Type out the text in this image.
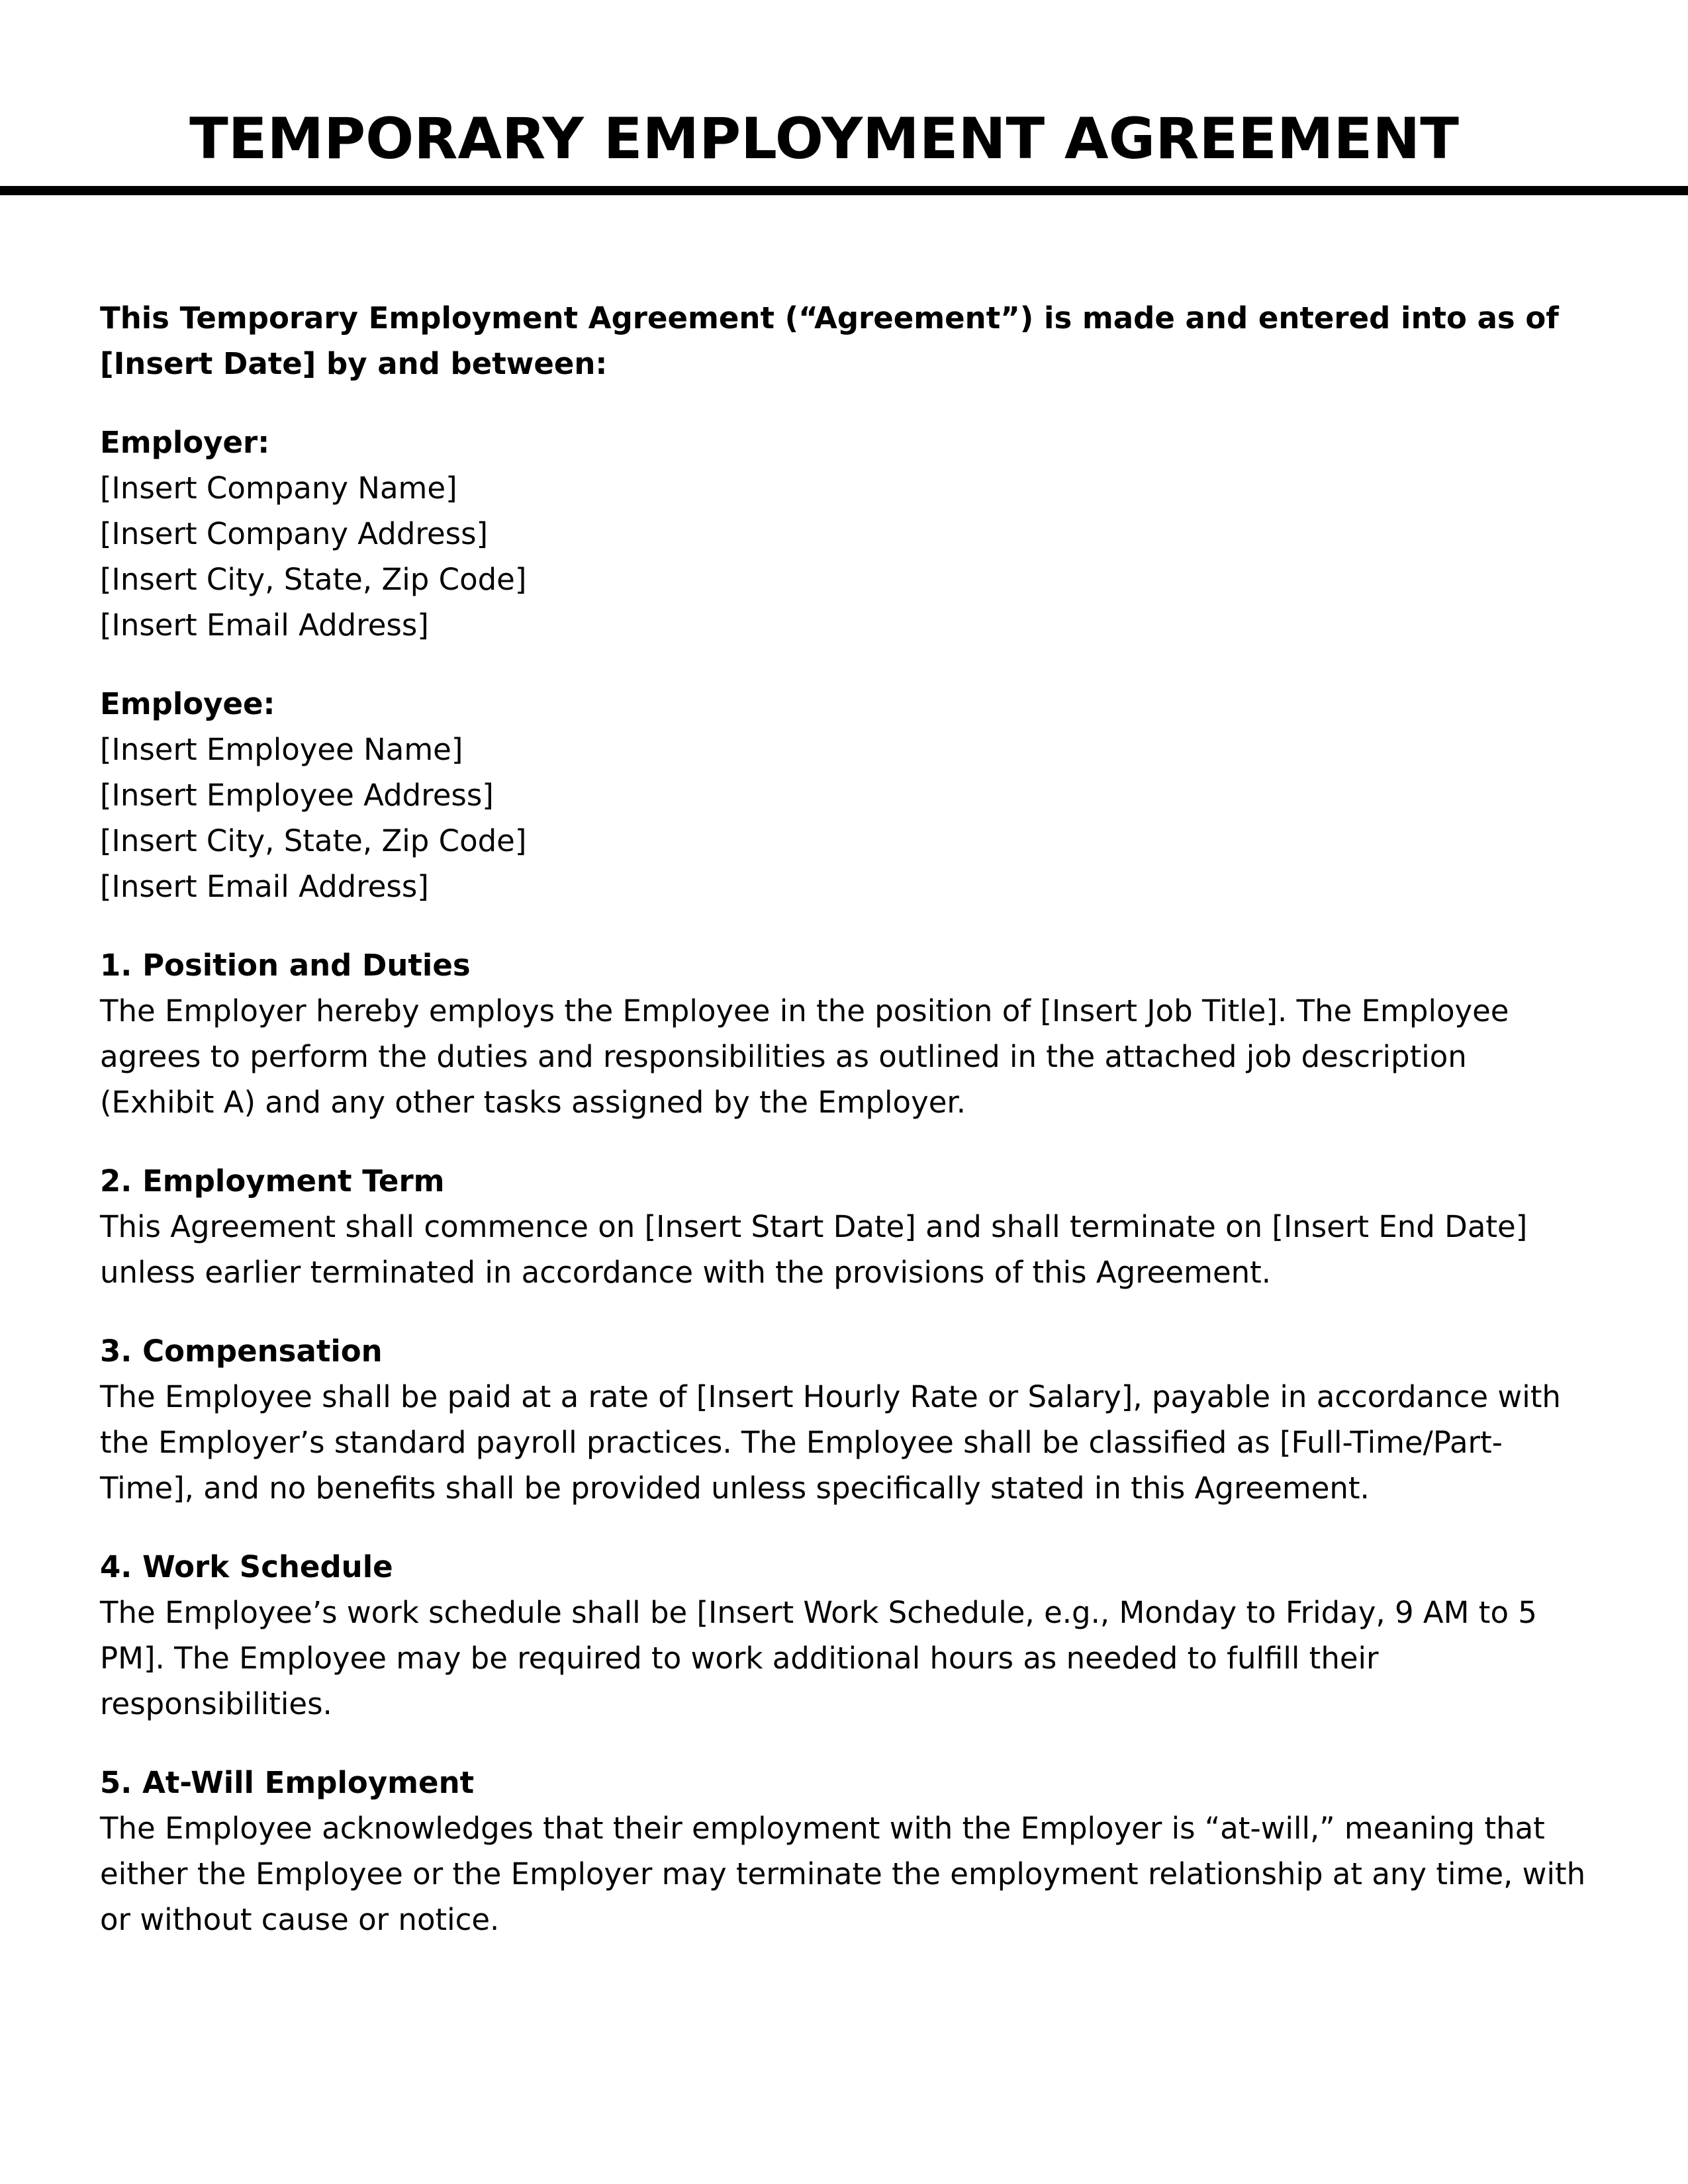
TEMPORARY EMPLOYMENT AGREEMENT

This Temporary Employment Agreement (“Agreement”) is made and entered into as of [Insert Date] by and between:

Employer:
[Insert Company Name]
[Insert Company Address]
[Insert City, State, Zip Code]
[Insert Email Address]
Employee:
[Insert Employee Name]
[Insert Employee Address]
[Insert City, State, Zip Code]
[Insert Email Address]
1. Position and Duties
The Employer hereby employs the Employee in the position of [Insert Job Title]. The Employee agrees to perform the duties and responsibilities as outlined in the attached job description (Exhibit A) and any other tasks assigned by the Employer.
2. Employment Term
This Agreement shall commence on [Insert Start Date] and shall terminate on [Insert End Date] unless earlier terminated in accordance with the provisions of this Agreement.
3. Compensation
The Employee shall be paid at a rate of [Insert Hourly Rate or Salary], payable in accordance with the Employer’s standard payroll practices. The Employee shall be classified as [Full-Time/Part-Time], and no benefits shall be provided unless specifically stated in this Agreement.
4. Work Schedule
The Employee’s work schedule shall be [Insert Work Schedule, e.g., Monday to Friday, 9 AM to 5 PM]. The Employee may be required to work additional hours as needed to fulfill their responsibilities.
5. At-Will Employment
The Employee acknowledges that their employment with the Employer is “at-will,” meaning that either the Employee or the Employer may terminate the employment relationship at any time, with or without cause or notice.
